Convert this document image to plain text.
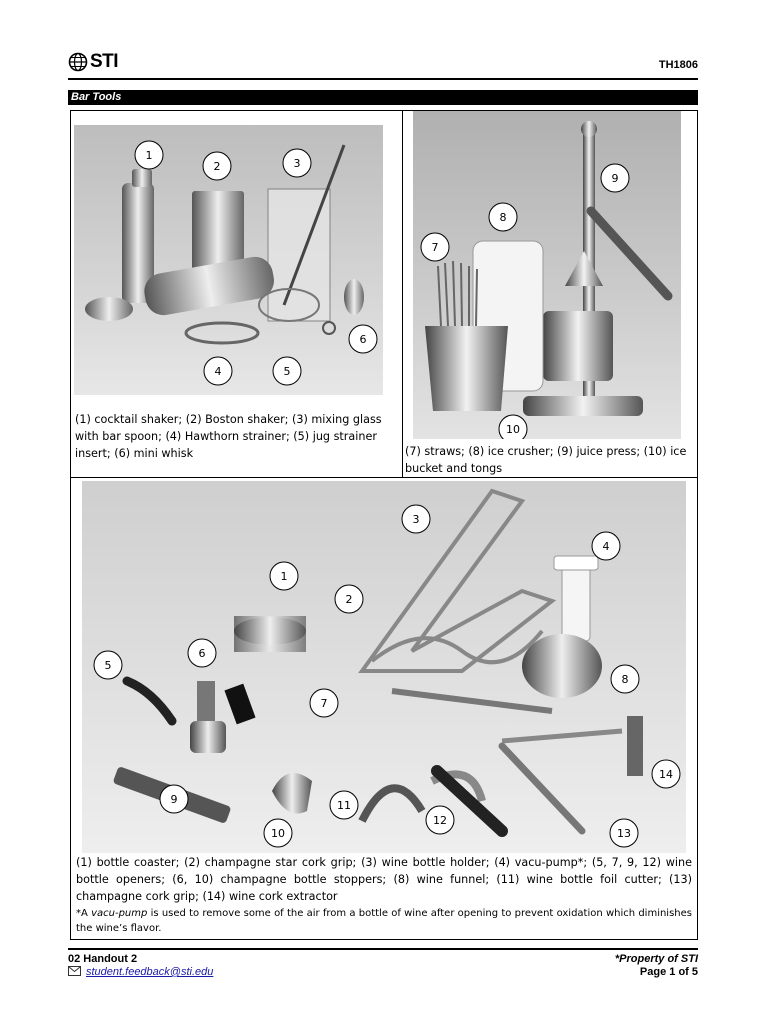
STI	TH1806
Bar Tools
1
2	3
4	5
6
(1) cocktail shaker; (2) Boston shaker; (3) mixing glass with bar spoon; (4) Hawthorn strainer; (5) jug strainer insert; (6) mini whisk
7
8
9
10
(7) straws; (8) ice crusher; (9) juice press; (10) ice bucket and tongs
1
2
3
4
5
6
7
8
9
10
11
12
13
14
(1) bottle coaster; (2) champagne star cork grip; (3) wine bottle holder; (4) vacu-pump*; (5, 7, 9, 12) wine bottle openers; (6, 10) champagne bottle stoppers; (8) wine funnel; (11) wine bottle foil cutter; (13) champagne cork grip; (14) wine cork extractor
*A vacu-pump is used to remove some of the air from a bottle of wine after opening to prevent oxidation which diminishes the wine’s flavor.
02 Handout 2
student.feedback@sti.edu
*Property of STI
Page 1 of 5
